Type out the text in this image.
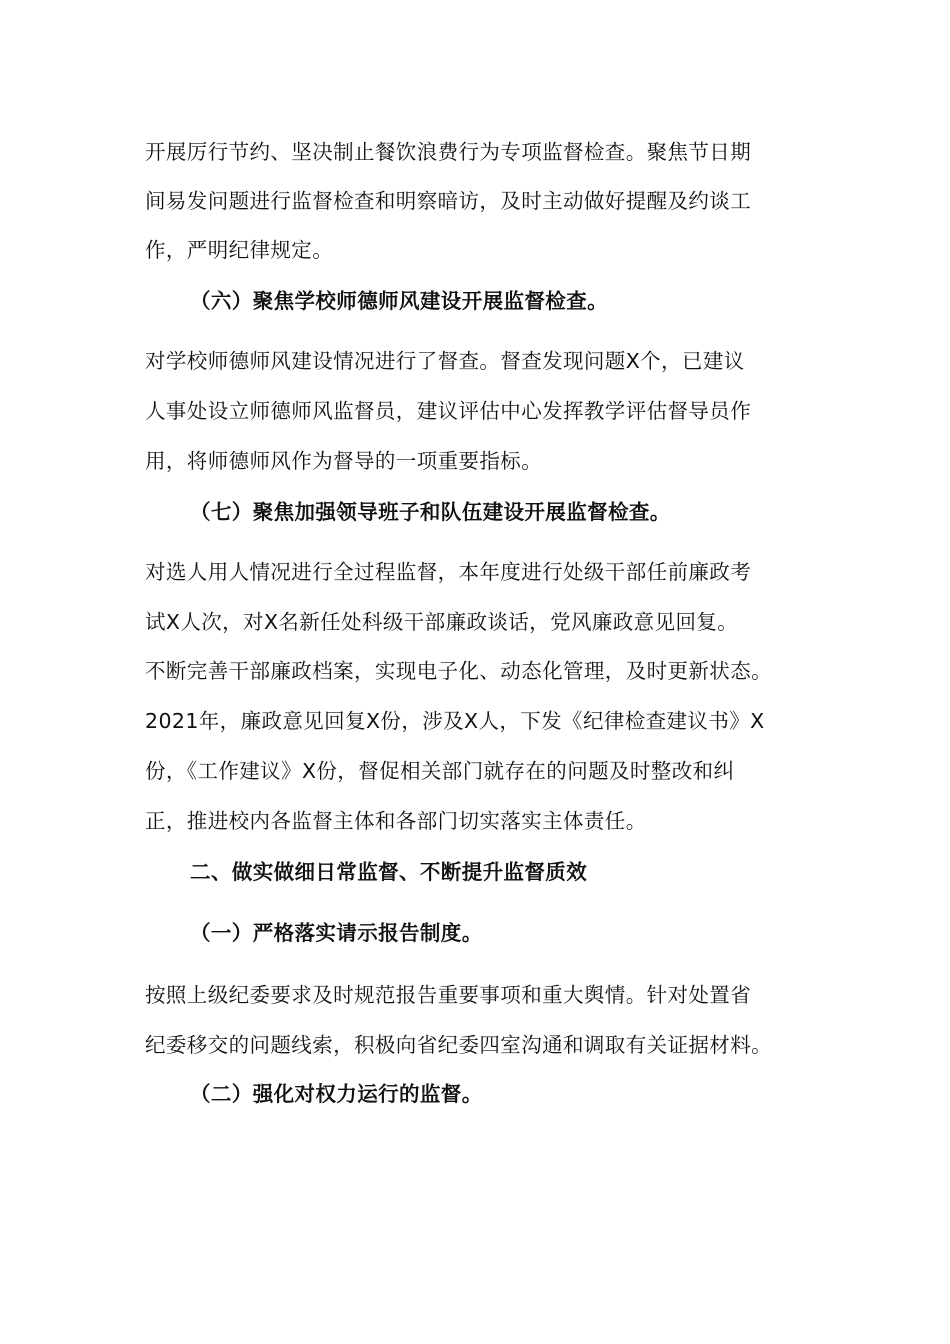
开展厉行节约、坚决制止餐饮浪费行为专项监督检查。聚焦节日期
间易发问题进行监督检查和明察暗访，及时主动做好提醒及约谈工
作，严明纪律规定。
（六）聚焦学校师德师风建设开展监督检查。
对学校师德师风建设情况进行了督查。督查发现问题X个，已建议
人事处设立师德师风监督员，建议评估中心发挥教学评估督导员作
用，将师德师风作为督导的一项重要指标。
（七）聚焦加强领导班子和队伍建设开展监督检查。
对选人用人情况进行全过程监督，本年度进行处级干部任前廉政考
试X人次，对X名新任处科级干部廉政谈话，党风廉政意见回复。
不断完善干部廉政档案，实现电子化、动态化管理，及时更新状态。
2021年，廉政意见回复X份，涉及X人，下发《纪律检查建议书》X
份，《工作建议》X份，督促相关部门就存在的问题及时整改和纠
正，推进校内各监督主体和各部门切实落实主体责任。
二、做实做细日常监督、不断提升监督质效
（一）严格落实请示报告制度。
按照上级纪委要求及时规范报告重要事项和重大舆情。针对处置省
纪委移交的问题线索，积极向省纪委四室沟通和调取有关证据材料。
（二）强化对权力运行的监督。
